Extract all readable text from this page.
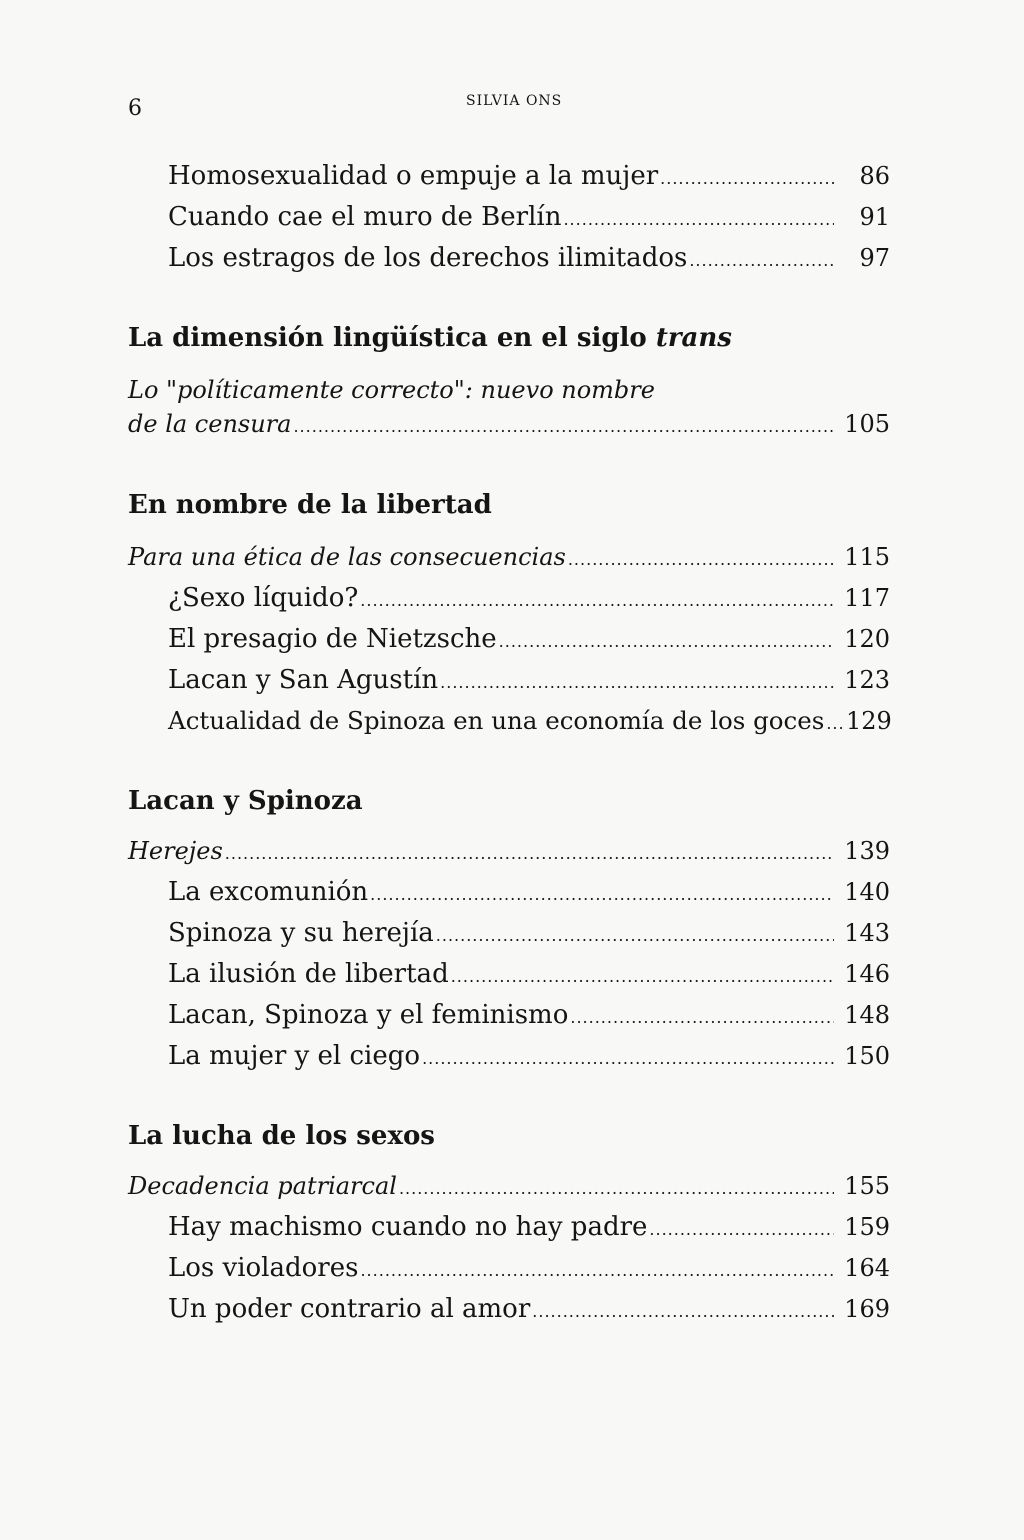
6	SILVIA ONS
Homosexualidad o empuje a la mujer .....	86
Cuando cae el muro de Berlín .....	91
Los estragos de los derechos ilimitados .....	97
La dimensión lingüística en el siglo trans
Lo "políticamente correcto": nuevo nombre
de la censura .....	105
En nombre de la libertad
Para una ética de las consecuencias .....	115
¿Sexo líquido? .....	117
El presagio de Nietzsche .....	120
Lacan y San Agustín .....	123
Actualidad de Spinoza en una economía de los goces ..... 129
Lacan y Spinoza
Herejes .....	139
La excomunión .....	140
Spinoza y su herejía .....	143
La ilusión de libertad .....	146
Lacan, Spinoza y el feminismo .....	148
La mujer y el ciego .....	150
La lucha de los sexos
Decadencia patriarcal .....	155
Hay machismo cuando no hay padre .....	159
Los violadores .....	164
Un poder contrario al amor .....	169
